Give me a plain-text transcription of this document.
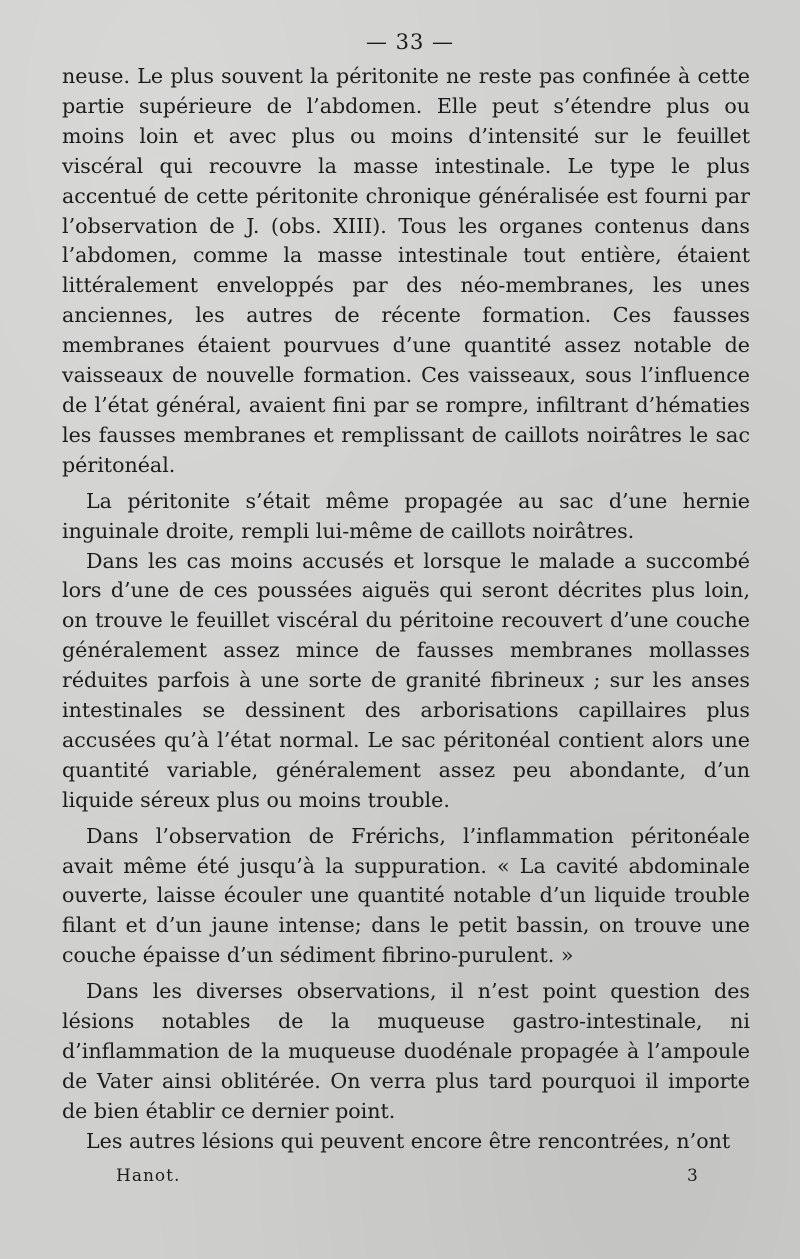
— 33 —

neuse. Le plus souvent la péritonite ne reste pas confinée à cette partie supérieure de l’abdomen. Elle peut s’étendre plus ou moins loin et avec plus ou moins d’intensité sur le feuillet viscéral qui recouvre la masse intestinale. Le type le plus accentué de cette péritonite chronique généralisée est fourni par l’observation de J. (obs. XIII). Tous les organes contenus dans l’abdomen, comme la masse intestinale tout entière, étaient littéralement enveloppés par des néo-membranes, les unes anciennes, les autres de récente formation. Ces fausses membranes étaient pourvues d’une quantité assez notable de vaisseaux de nouvelle formation. Ces vaisseaux, sous l’influence de l’état général, avaient fini par se rompre, infiltrant d’hématies les fausses membranes et remplissant de caillots noirâtres le sac péritonéal.

La péritonite s’était même propagée au sac d’une hernie inguinale droite, rempli lui-même de caillots noirâtres.

Dans les cas moins accusés et lorsque le malade a succombé lors d’une de ces poussées aiguës qui seront décrites plus loin, on trouve le feuillet viscéral du péritoine recouvert d’une couche généralement assez mince de fausses membranes mollasses réduites parfois à une sorte de granité fibrineux ; sur les anses intestinales se dessinent des arborisations capillaires plus accusées qu’à l’état normal. Le sac péritonéal contient alors une quantité variable, généralement assez peu abondante, d’un liquide séreux plus ou moins trouble.

Dans l’observation de Frérichs, l’inflammation péritonéale avait même été jusqu’à la suppuration. « La cavité abdominale ouverte, laisse écouler une quantité notable d’un liquide trouble filant et d’un jaune intense; dans le petit bassin, on trouve une couche épaisse d’un sédiment fibrino-purulent. »

Dans les diverses observations, il n’est point question des lésions notables de la muqueuse gastro-intestinale, ni d’inflammation de la muqueuse duodénale propagée à l’ampoule de Vater ainsi oblitérée. On verra plus tard pourquoi il importe de bien établir ce dernier point.

Les autres lésions qui peuvent encore être rencontrées, n’ont

Hanot.	3
